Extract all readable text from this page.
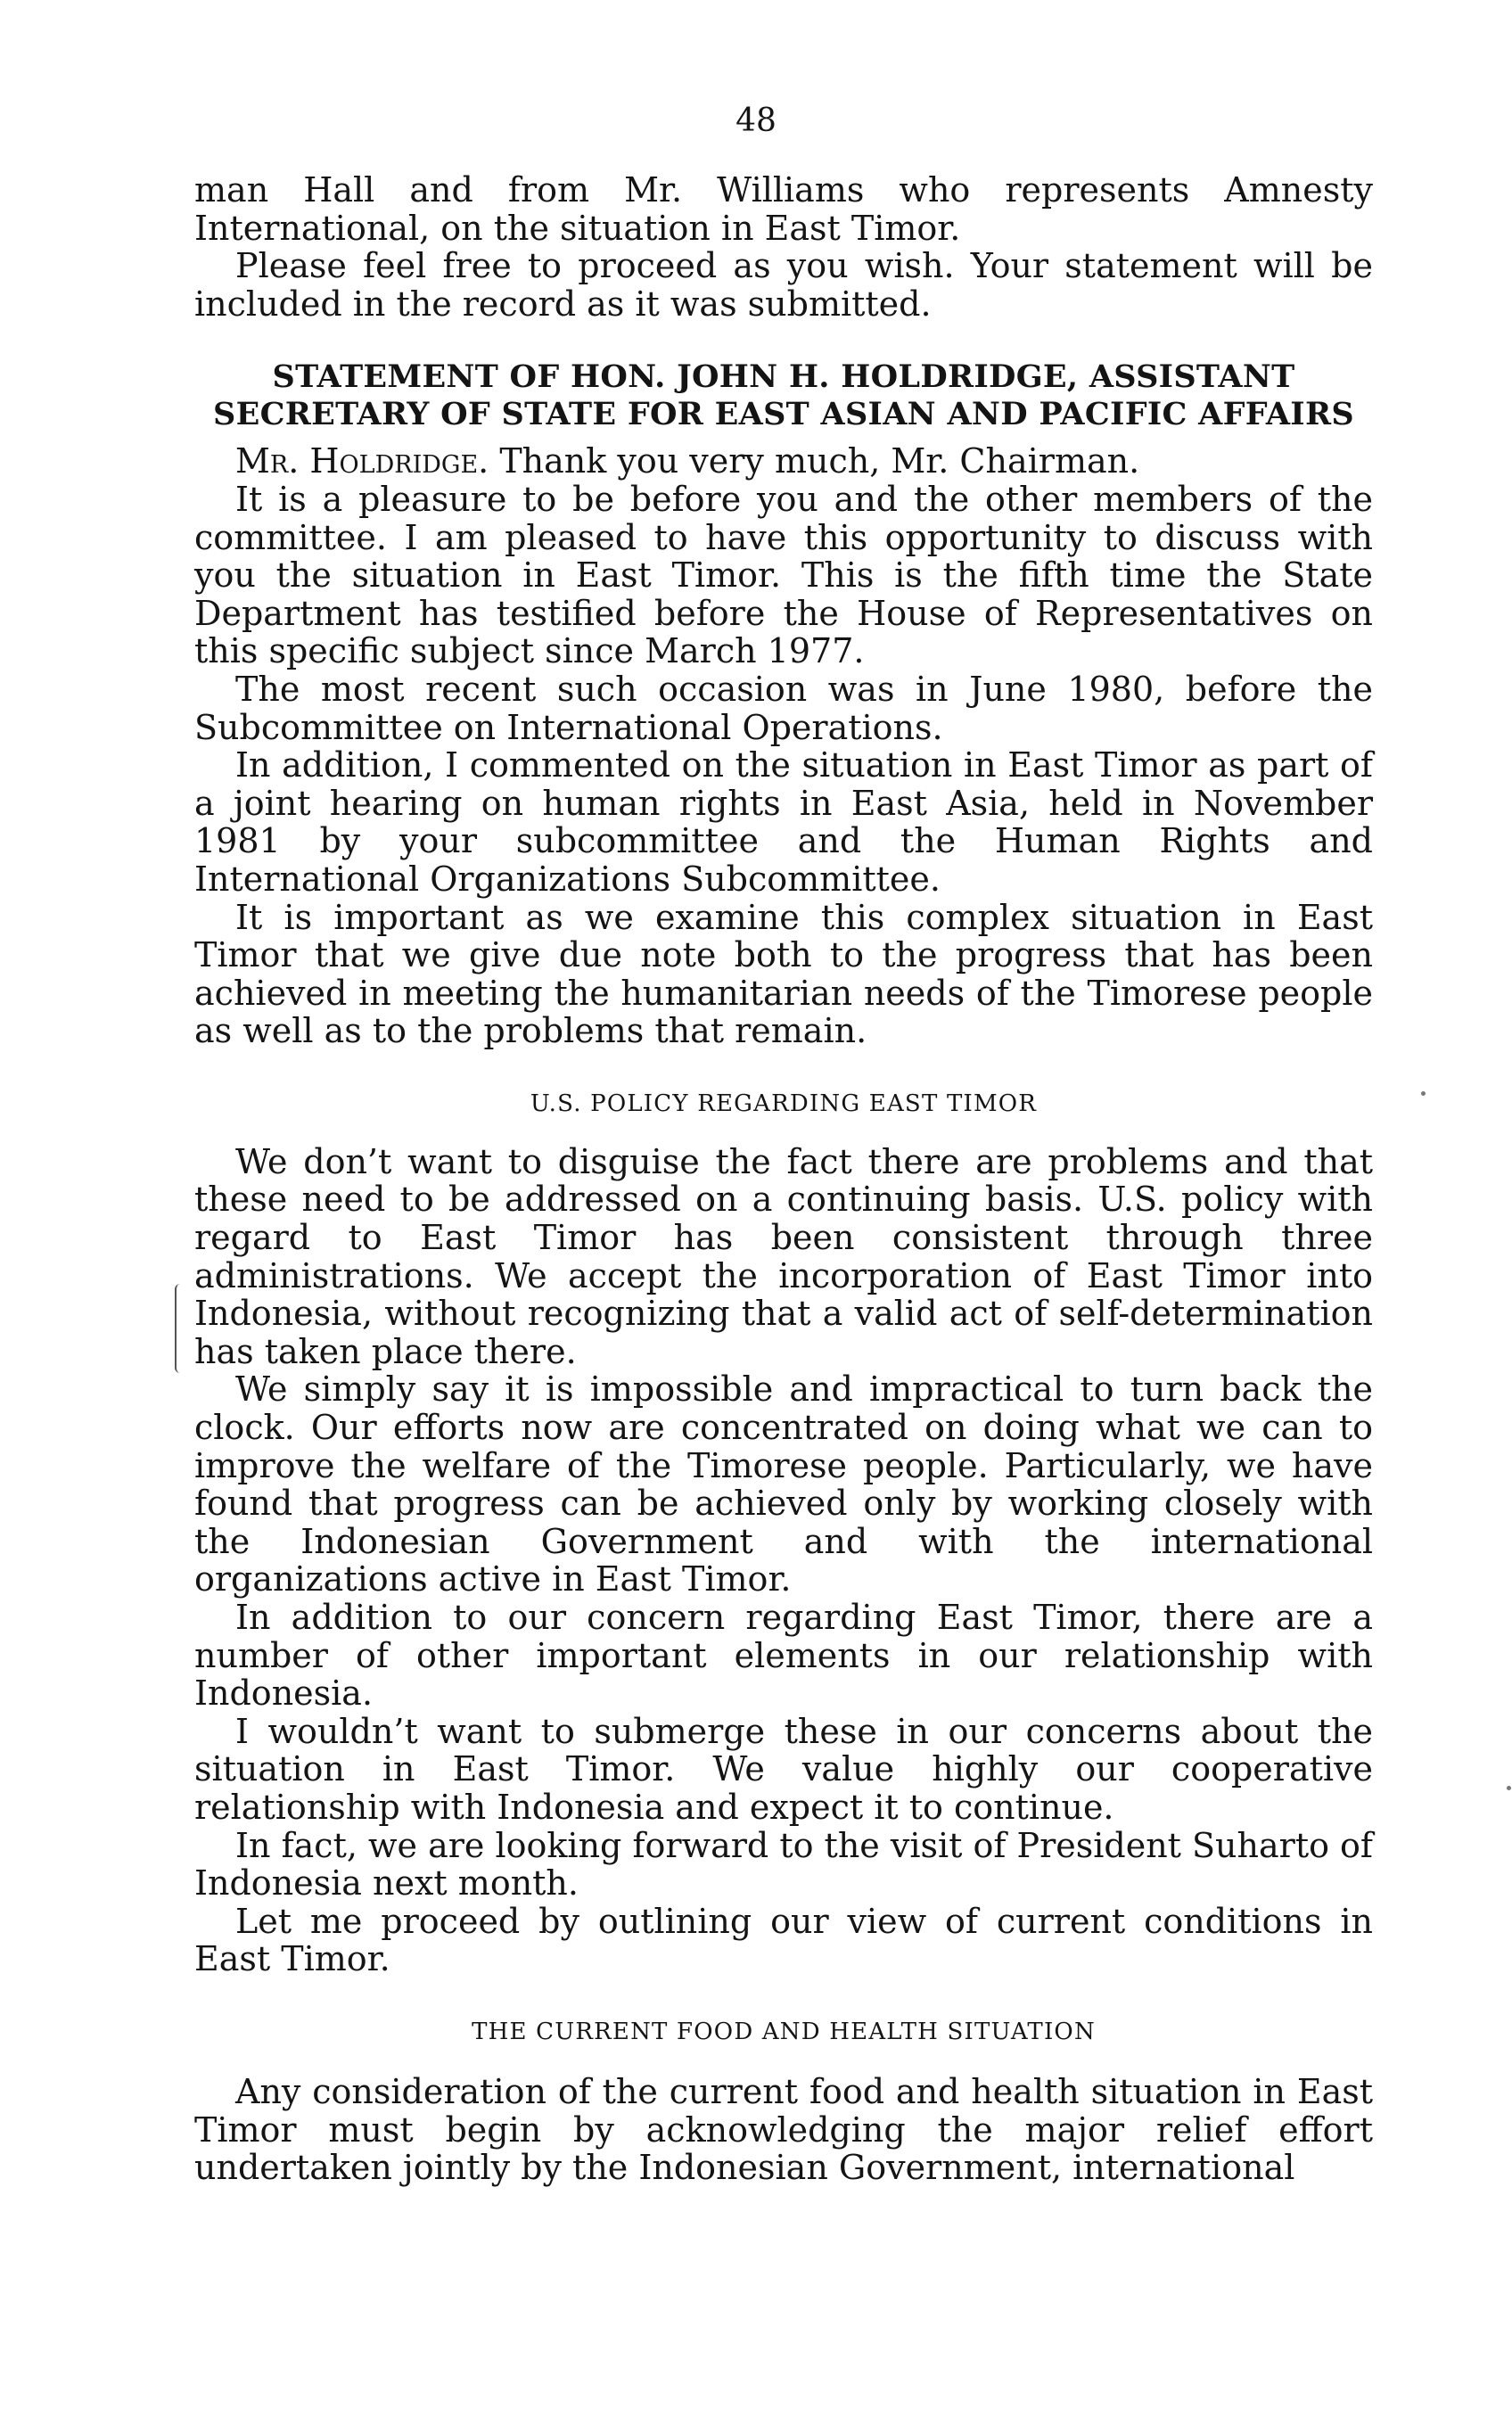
48

man Hall and from Mr. Williams who represents Amnesty International, on the situation in East Timor.

Please feel free to proceed as you wish. Your statement will be included in the record as it was submitted.

STATEMENT OF HON. JOHN H. HOLDRIDGE, ASSISTANT SECRETARY OF STATE FOR EAST ASIAN AND PACIFIC AFFAIRS

Mr. Holdridge. Thank you very much, Mr. Chairman.

It is a pleasure to be before you and the other members of the committee. I am pleased to have this opportunity to discuss with you the situation in East Timor. This is the fifth time the State Department has testified before the House of Representatives on this specific subject since March 1977.

The most recent such occasion was in June 1980, before the Subcommittee on International Operations.

In addition, I commented on the situation in East Timor as part of a joint hearing on human rights in East Asia, held in November 1981 by your subcommittee and the Human Rights and International Organizations Subcommittee.

It is important as we examine this complex situation in East Timor that we give due note both to the progress that has been achieved in meeting the humanitarian needs of the Timorese people as well as to the problems that remain.

U.S. POLICY REGARDING EAST TIMOR

We don’t want to disguise the fact there are problems and that these need to be addressed on a continuing basis. U.S. policy with regard to East Timor has been consistent through three administrations. We accept the incorporation of East Timor into Indonesia, without recognizing that a valid act of self-determination has taken place there.

We simply say it is impossible and impractical to turn back the clock. Our efforts now are concentrated on doing what we can to improve the welfare of the Timorese people. Particularly, we have found that progress can be achieved only by working closely with the Indonesian Government and with the international organizations active in East Timor.

In addition to our concern regarding East Timor, there are a number of other important elements in our relationship with Indonesia.

I wouldn’t want to submerge these in our concerns about the situation in East Timor. We value highly our cooperative relationship with Indonesia and expect it to continue.

In fact, we are looking forward to the visit of President Suharto of Indonesia next month.

Let me proceed by outlining our view of current conditions in East Timor.

THE CURRENT FOOD AND HEALTH SITUATION

Any consideration of the current food and health situation in East Timor must begin by acknowledging the major relief effort undertaken jointly by the Indonesian Government, international
